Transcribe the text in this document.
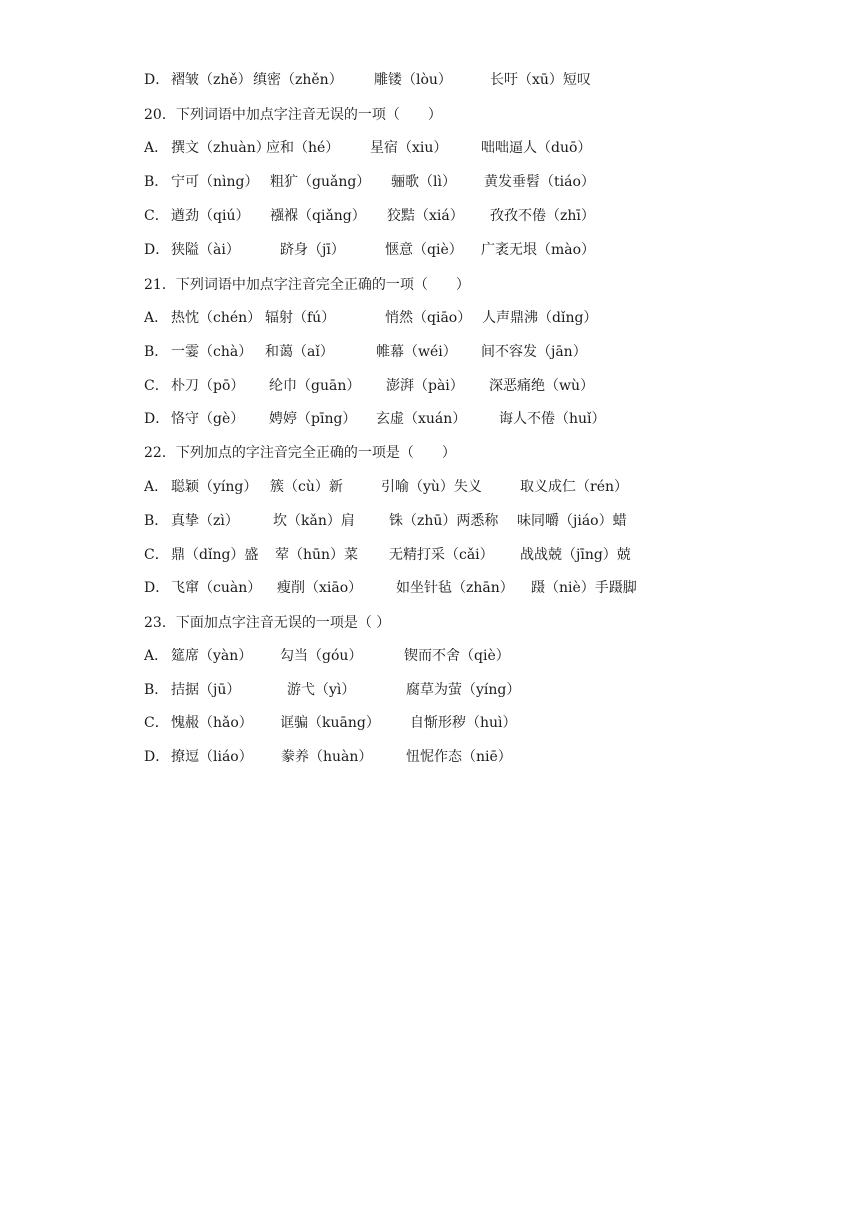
D． 褶皱（zhě） 缜密（zhěn） 雕镂（lòu）	长吁（xū）短叹
20．下列词语中加点字注音无误的一项（　　）
A． 撰文（zhuàn）
应和（hé） 星宿（xiu） 咄咄逼人（duō）
B． 宁可（nìng） 粗犷（guǎng） 骊歌（lì） 黄发垂髫（tiáo）
C． 遒劲（qiú） 襁褓（qiǎng） 狡黠（xiá） 孜孜不倦（zhī）
D． 狭隘（ài）	跻身（jī）	惬意（qiè） 广袤无垠（mào）
21．下列词语中加点字注音完全正确的一项（　　）
A． 热忱（chén） 辐射（fú）	悄然（qiāo） 人声鼎沸（dǐng）
B． 一霎（chà） 和蔼（aǐ）	帷幕（wéi） 间不容发（jān）
C． 朴刀（pō） 纶巾（guān） 澎湃（pài） 深恶痛绝（wù）
D． 恪守（gè） 娉婷（pīng） 玄虚（xuán） 诲人不倦（huǐ）
22．下列加点的字注音完全正确的一项是（　　）
A． 聪颖（yíng） 簇（cù）新	引喻（yù）失义	取义成仁（rén）
B． 真挚（zì） 坎（kǎn）肩 铢（zhū）两悉称 味同嚼（jiáo）蜡
C． 鼎（dǐng）盛 荤（hūn）菜 无精打采（cǎi） 战战兢（jīng）兢
D． 飞窜（cuàn） 瘦削（xiāo） 如坐针毡（zhān） 蹑（niè）手蹑脚
23．下面加点字注音无误的一项是（ ）
A． 筵席（yàn） 勾当（góu）	锲而不舍（qiè）
B． 拮据（jū）	游弋（yì）	腐草为萤（yíng）
C． 愧赧（hǎo） 诓骗（kuāng） 自惭形秽（huì）
D． 撩逗（liáo） 豢养（huàn） 忸怩作态（niē）
